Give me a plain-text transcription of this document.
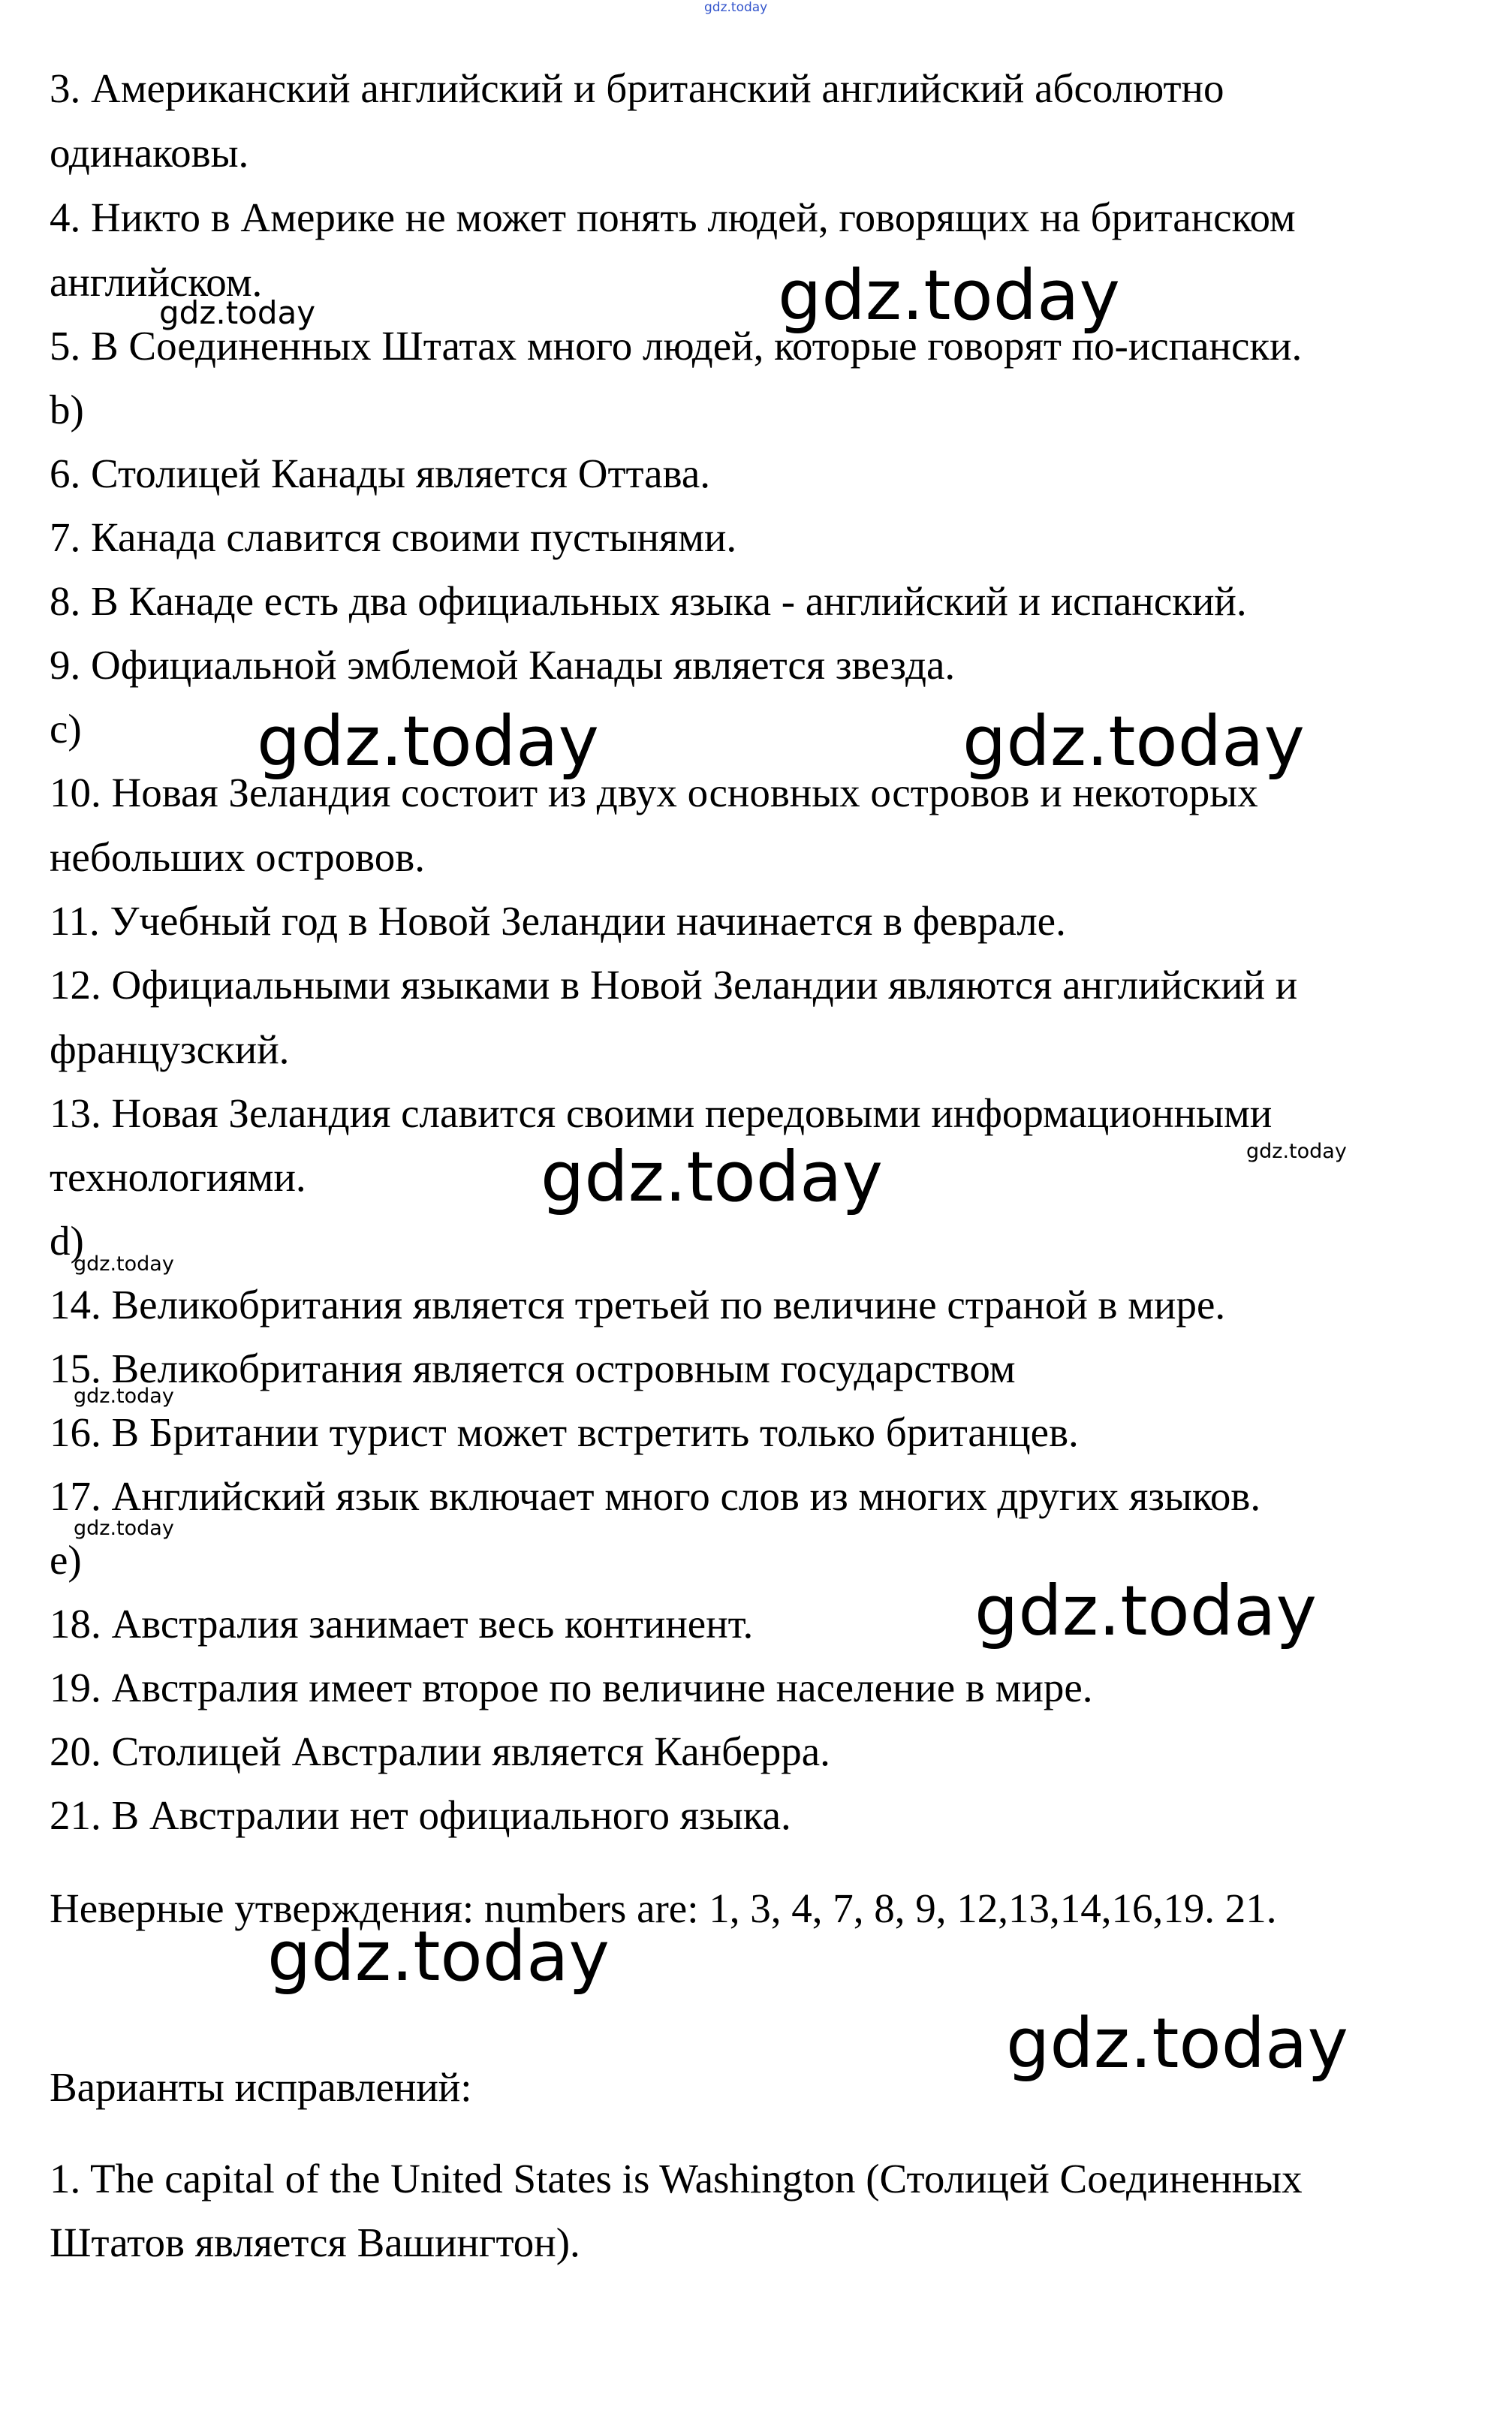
gdz.today
3. Американский английский и британский английский абсолютно
одинаковы.
4. Никто в Америке не может понять людей, говорящих на британском
английском.
5. В Соединенных Штатах много людей, которые говорят по-испански.
b)
6. Столицей Канады является Оттава.
7. Канада славится своими пустынями.
8. В Канаде есть два официальных языка - английский и испанский.
9. Официальной эмблемой Канады является звезда.
c)
10. Новая Зеландия состоит из двух основных островов и некоторых
небольших островов.
11. Учебный год в Новой Зеландии начинается в феврале.
12. Официальными языками в Новой Зеландии являются английский и
французский.
13. Новая Зеландия славится своими передовыми информационными
технологиями.
d)
14. Великобритания является третьей по величине страной в мире.
15. Великобритания является островным государством
16. В Британии турист может встретить только британцев.
17. Английский язык включает много слов из многих других языков.
e)
18. Австралия занимает весь континент.
19. Австралия имеет второе по величине население в мире.
20. Столицей Австралии является Канберра.
21. В Австралии нет официального языка.
Неверные утверждения: numbers are: 1, 3, 4, 7, 8, 9, 12,13,14,16,19. 21.
Варианты исправлений:
1. The capital of the United States is Washington (Столицей Соединенных
Штатов является Вашингтон).
gdz.today
gdz.today	gdz.today
gdz.today
gdz.today
gdz.today
gdz.today
gdz.today
gdz.today
gdz.today
gdz.today
gdz.today
